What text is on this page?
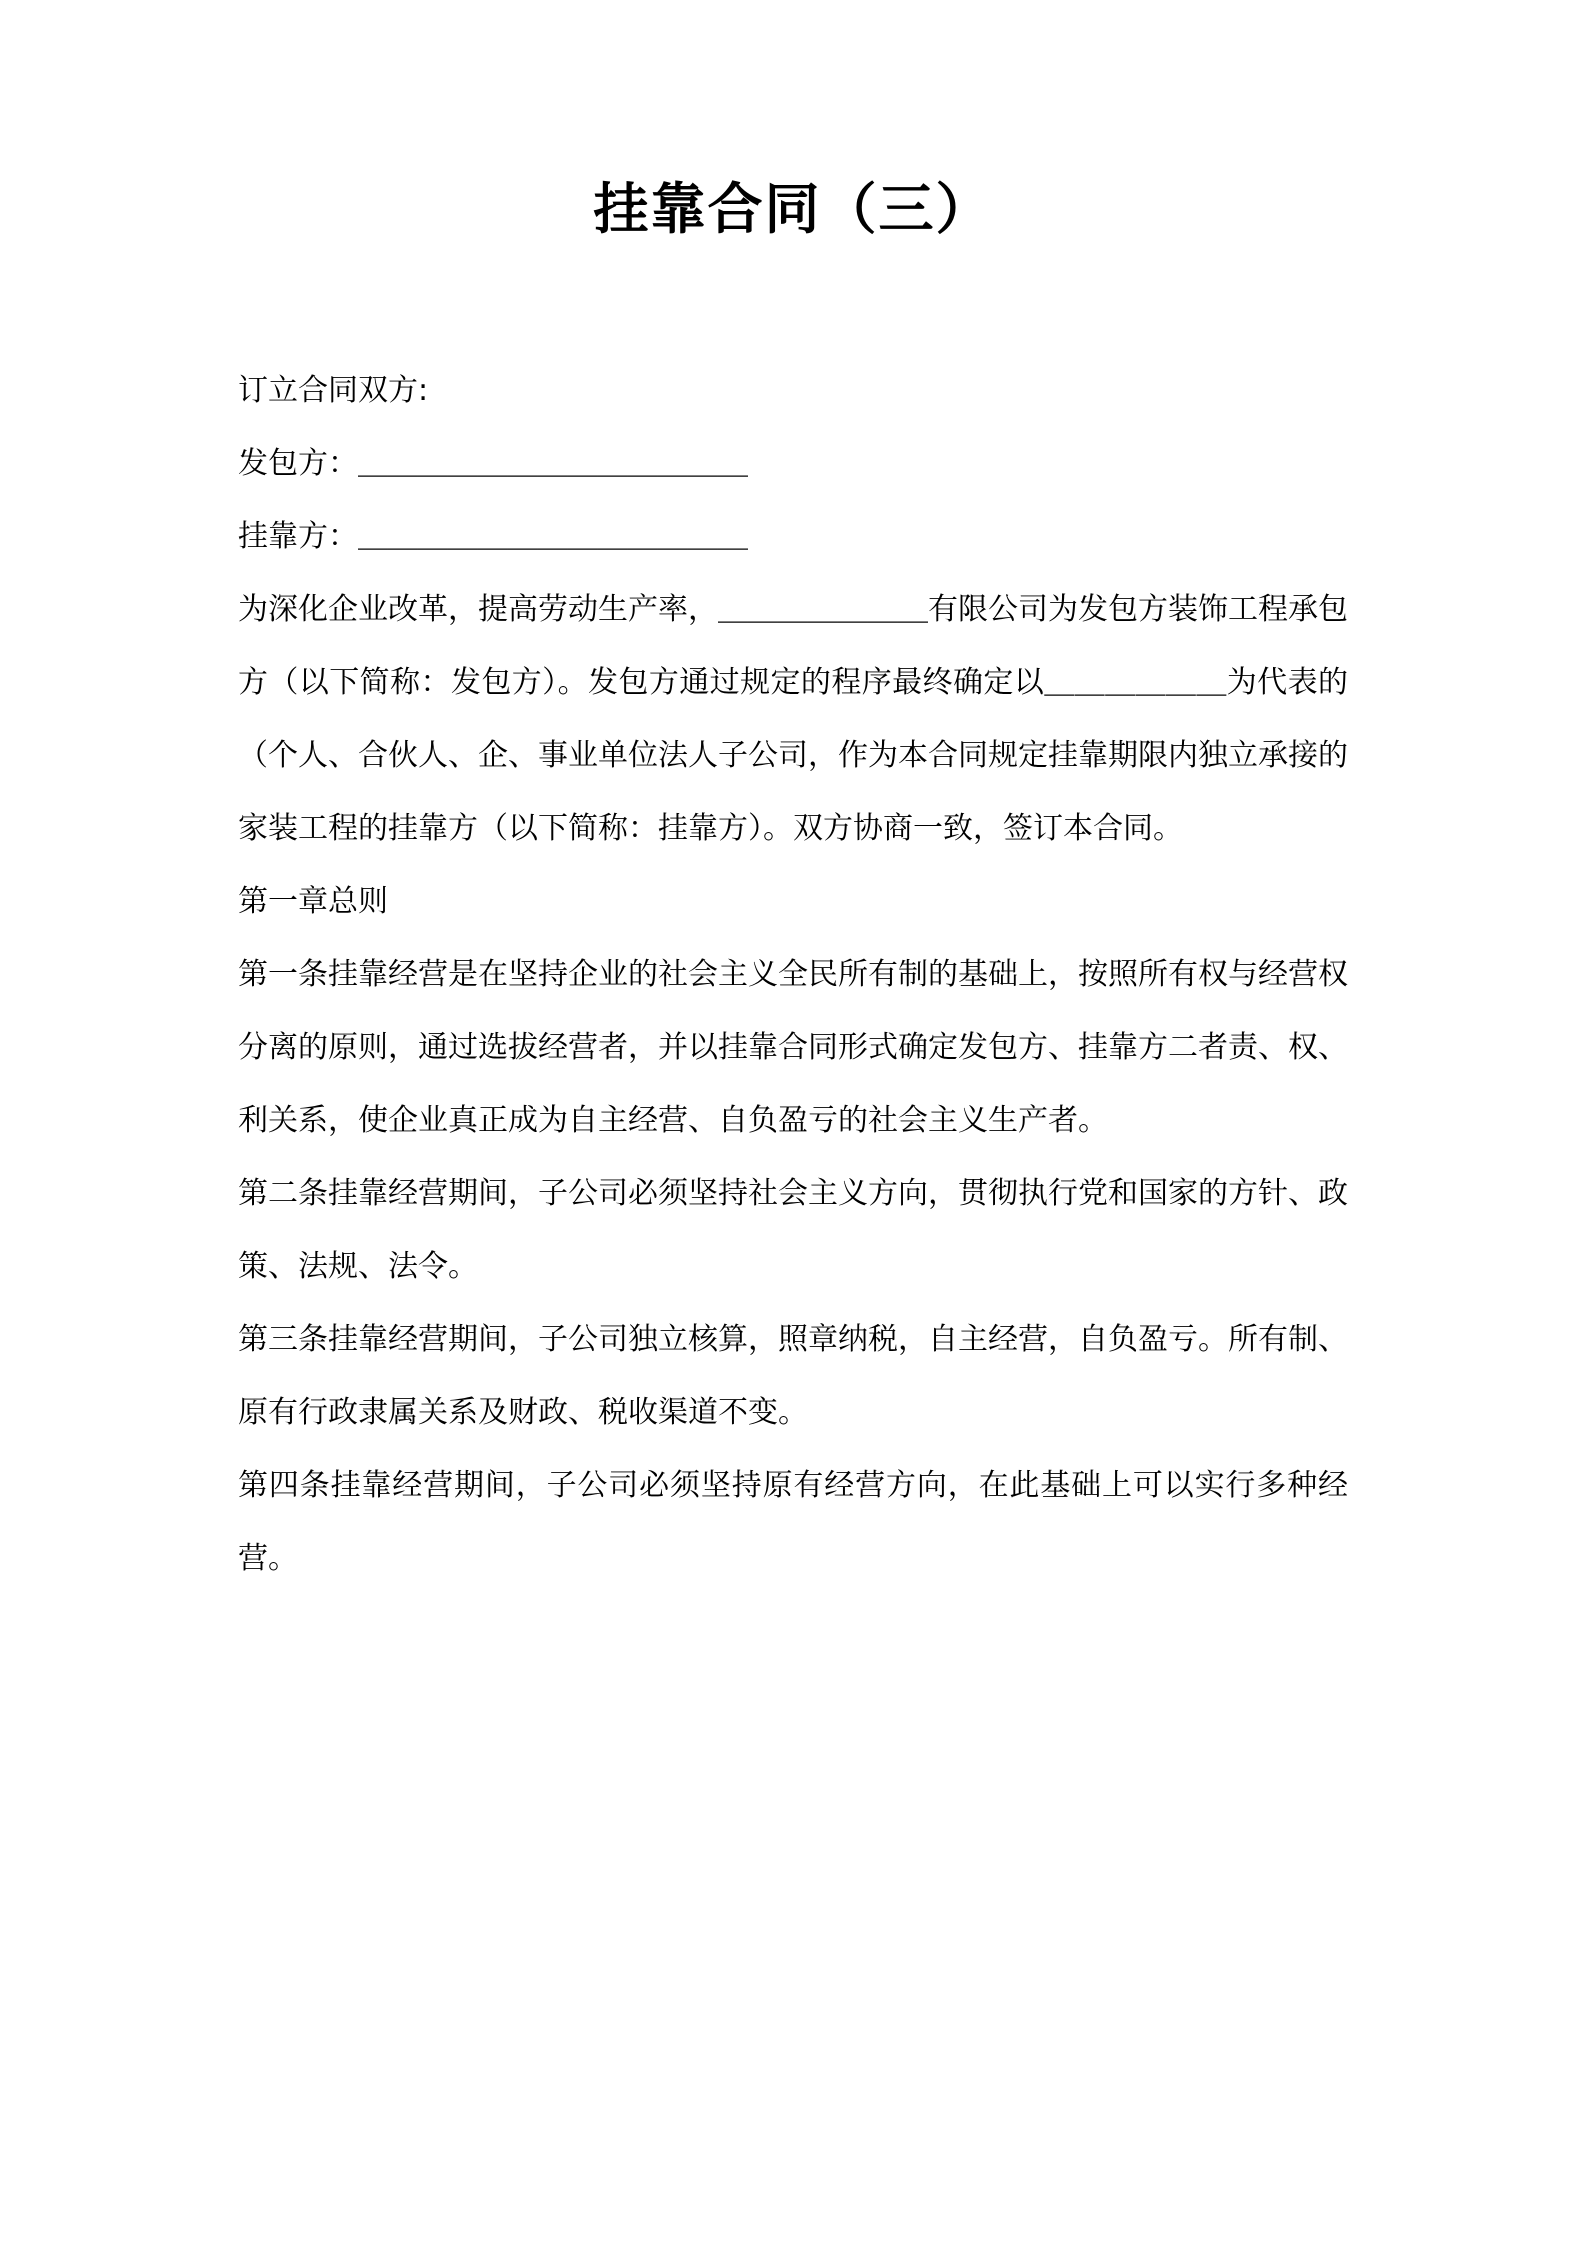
挂靠合同（三）

订立合同双方:

发包方：＿＿＿＿＿＿＿＿＿＿＿＿＿

挂靠方：＿＿＿＿＿＿＿＿＿＿＿＿＿

为深化企业改革，提高劳动生产率，＿＿＿＿＿＿＿有限公司为发包方装饰工程承包方（以下简称：发包方）。发包方通过规定的程序最终确定以＿＿＿＿＿＿为代表的（个人、合伙人、企、事业单位法人子公司，作为本合同规定挂靠期限内独立承接的家装工程的挂靠方（以下简称：挂靠方）。双方协商一致，签订本合同。

第一章总则

第一条挂靠经营是在坚持企业的社会主义全民所有制的基础上，按照所有权与经营权分离的原则，通过选拔经营者，并以挂靠合同形式确定发包方、挂靠方二者责、权、利关系，使企业真正成为自主经营、自负盈亏的社会主义生产者。

第二条挂靠经营期间，子公司必须坚持社会主义方向，贯彻执行党和国家的方针、政策、法规、法令。

第三条挂靠经营期间，子公司独立核算，照章纳税，自主经营，自负盈亏。所有制、原有行政隶属关系及财政、税收渠道不变。

第四条挂靠经营期间，子公司必须坚持原有经营方向，在此基础上可以实行多种经营。
